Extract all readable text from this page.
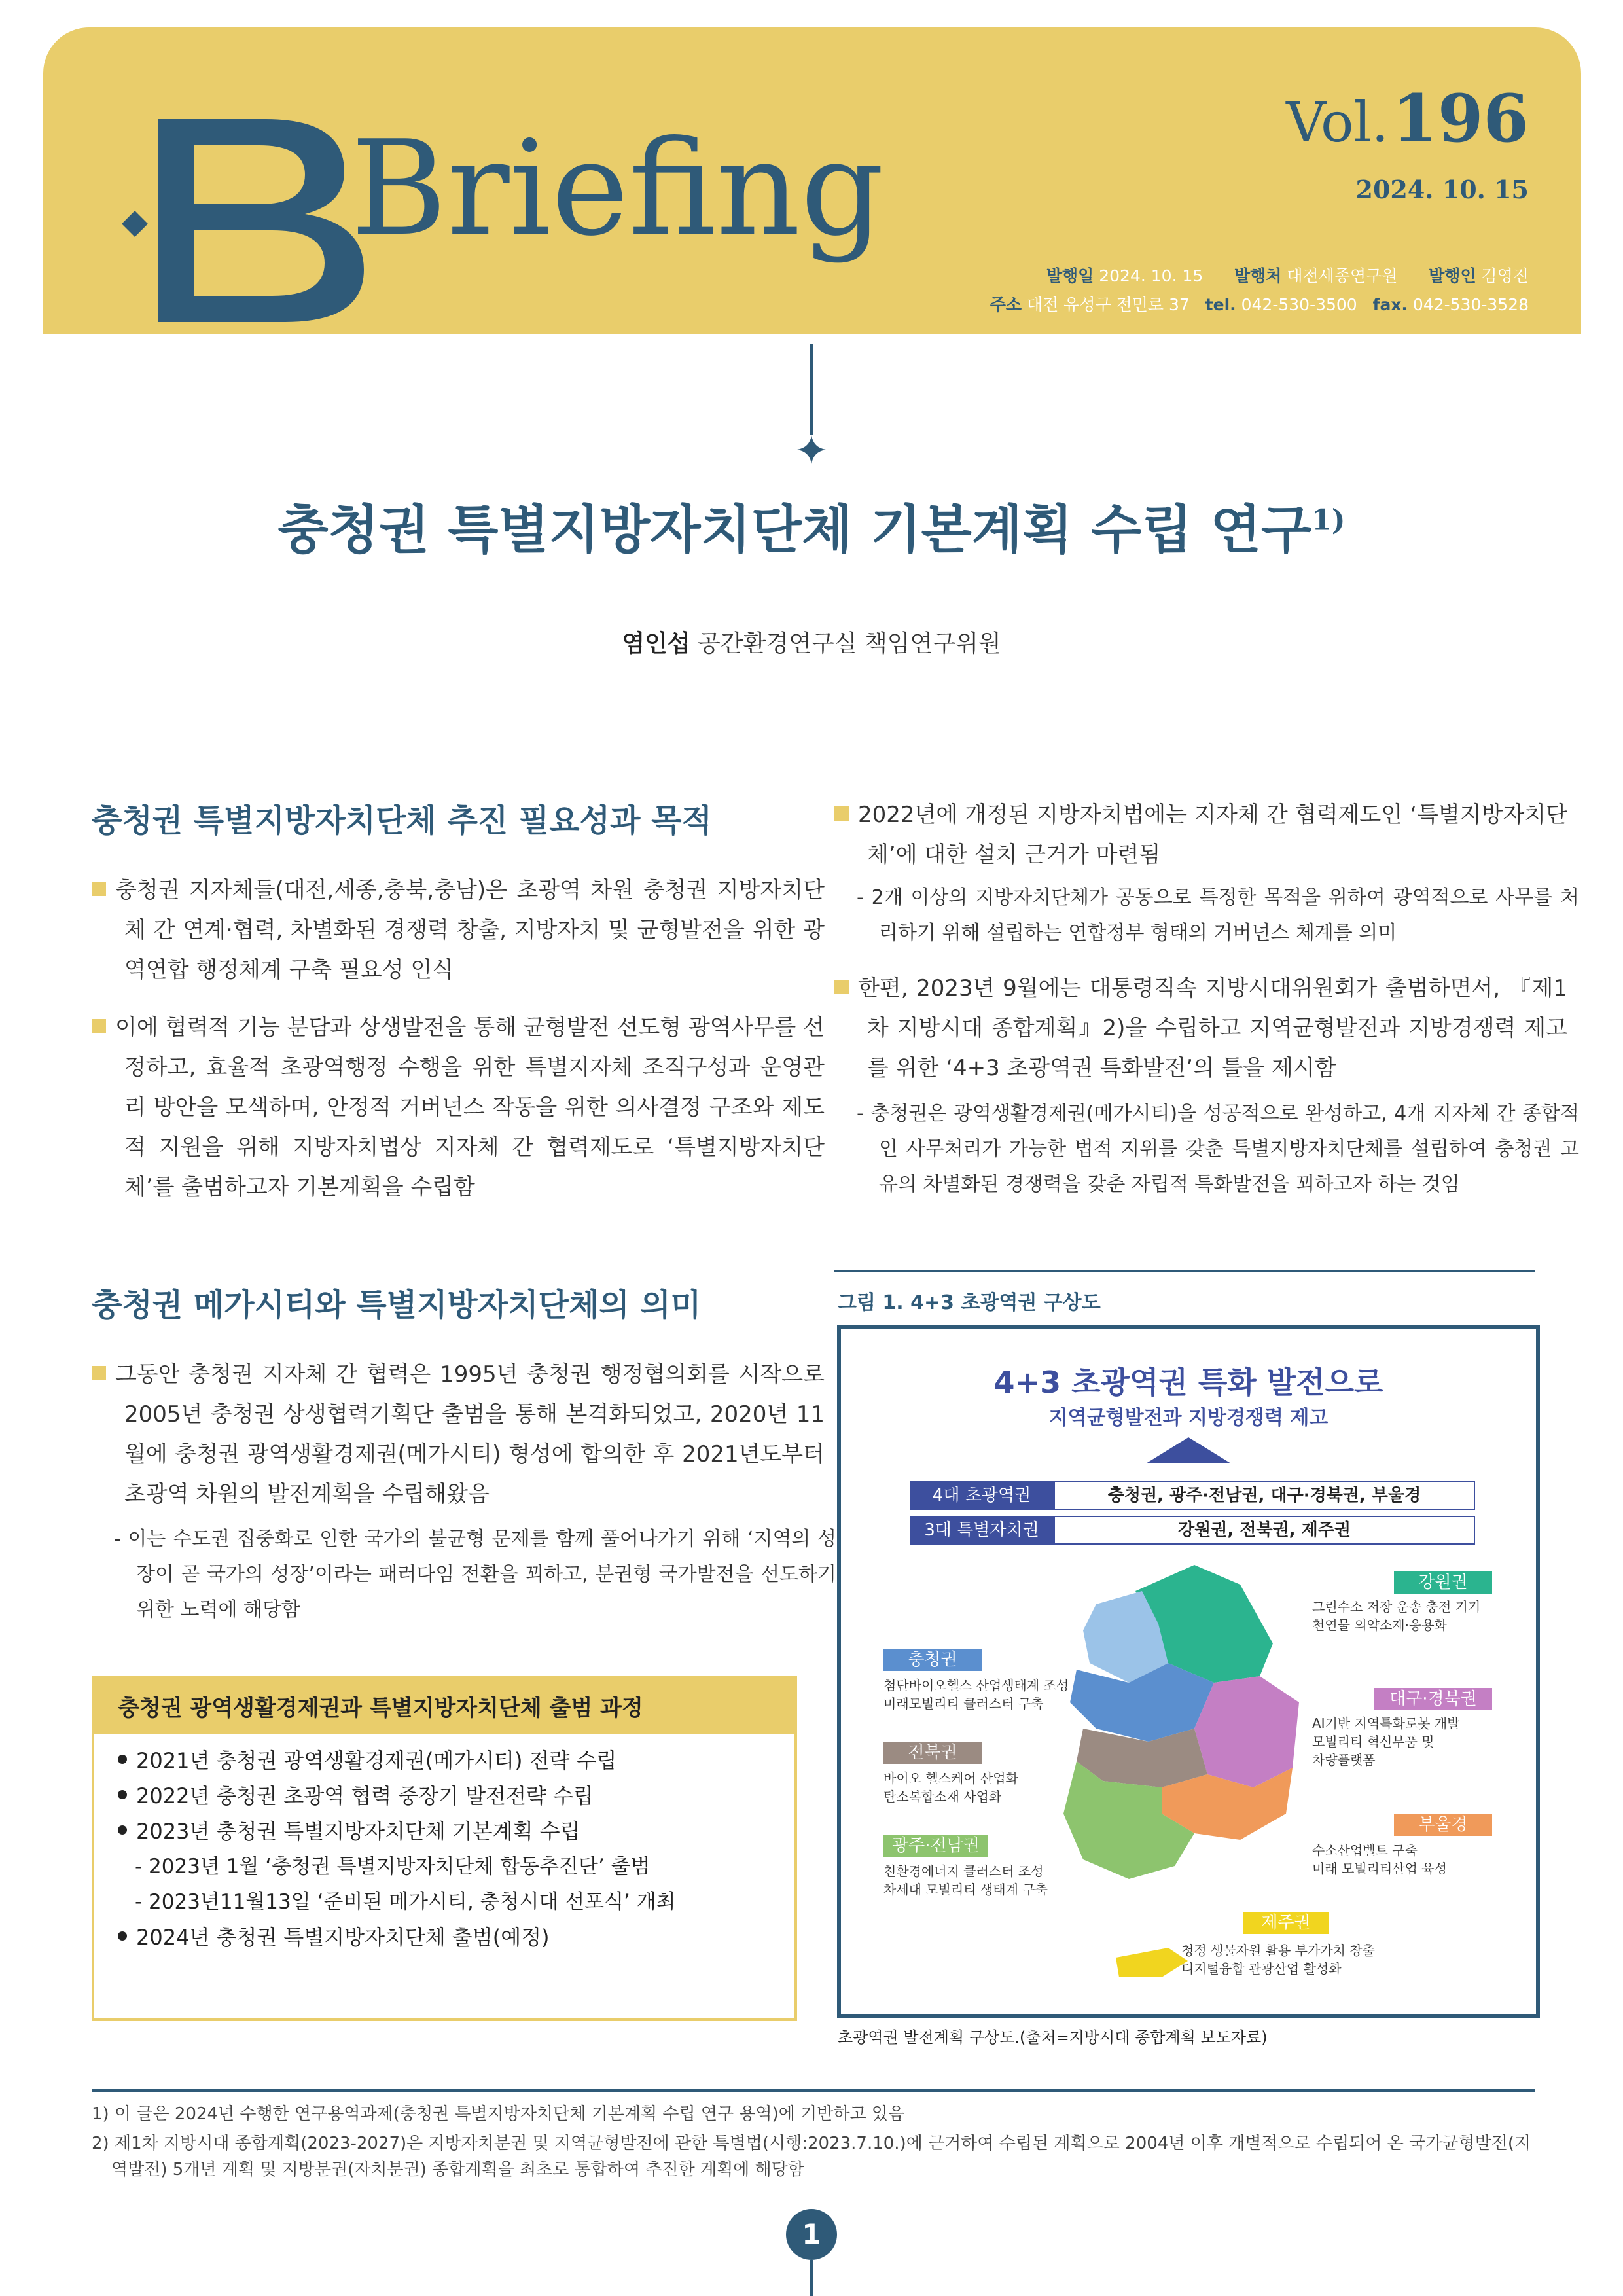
Briefing	Vol. 196
2024. 10. 15
발행일 2024. 10. 15 발행처 대전세종연구원 발행인 김영진
주소 대전 유성구 전민로 37 tel. 042-530-3500 fax. 042-530-3528
충청권 특별지방자치단체 기본계획 수립 연구$^{1)}$
염인섭 공간환경연구실 책임연구위원
충청권 특별지방자치단체 추진 필요성과 목적
충청권 지자체들(대전,세종,충북,충남)은 초광역 차원 충청권 지방자치단체 간 연계·협력, 차별화된 경쟁력 창출, 지방자치 및 균형발전을 위한 광역연합 행정체계 구축 필요성 인식
이에 협력적 기능 분담과 상생발전을 통해 균형발전 선도형 광역사무를 선정하고, 효율적 초광역행정 수행을 위한 특별지자체 조직구성과 운영관리 방안을 모색하며, 안정적 거버넌스 작동을 위한 의사결정 구조와 제도적 지원을 위해 지방자치법상 지자체 간 협력제도로 ‘특별지방자치단체’를 출범하고자 기본계획을 수립함
충청권 메가시티와 특별지방자치단체의 의미
그동안 충청권 지자체 간 협력은 1995년 충청권 행정협의회를 시작으로 2005년 충청권 상생협력기획단 출범을 통해 본격화되었고, 2020년 11월에 충청권 광역생활경제권(메가시티) 형성에 합의한 후 2021년도부터 초광역 차원의 발전계획을 수립해왔음
- 이는 수도권 집중화로 인한 국가의 불균형 문제를 함께 풀어나가기 위해 ‘지역의 성장이 곧 국가의 성장’이라는 패러다임 전환을 꾀하고, 분권형 국가발전을 선도하기 위한 노력에 해당함
충청권 광역생활경제권과 특별지방자치단체 출범 과정
2021년 충청권 광역생활경제권(메가시티) 전략 수립
2022년 충청권 초광역 협력 중장기 발전전략 수립
2023년 충청권 특별지방자치단체 기본계획 수립
- 2023년 1월 ‘충청권 특별지방자치단체 합동추진단’ 출범
- 2023년11월13일 ‘준비된 메가시티, 충청시대 선포식’ 개최
2024년 충청권 특별지방자치단체 출범(예정)
2022년에 개정된 지방자치법에는 지자체 간 협력제도인 ‘특별지방자치단체’에 대한 설치 근거가 마련됨
- 2개 이상의 지방자치단체가 공동으로 특정한 목적을 위하여 광역적으로 사무를 처리하기 위해 설립하는 연합정부 형태의 거버넌스 체계를 의미
한편, 2023년 9월에는 대통령직속 지방시대위원회가 출범하면서, 『제1차 지방시대 종합계획』2)을 수립하고 지역균형발전과 지방경쟁력 제고를 위한 ‘4+3 초광역권 특화발전’의 틀을 제시함
- 충청권은 광역생활경제권(메가시티)을 성공적으로 완성하고, 4개 지자체 간 종합적인 사무처리가 가능한 법적 지위를 갖춘 특별지방자치단체를 설립하여 충청권 고유의 차별화된 경쟁력을 갖춘 자립적 특화발전을 꾀하고자 하는 것임
그림 1. 4+3 초광역권 구상도
4+3 초광역권 특화 발전으로
지역균형발전과 지방경쟁력 제고
4대 초광역권	충청권, 광주·전남권, 대구·경북권, 부울경
3대 특별자치권	강원권, 전북권, 제주권
강원권
그린수소 저장 운송 충전 기기
천연물 의약소재·응용화
충청권
첨단바이오헬스 산업생태계 조성
미래모빌리티 클러스터 구축	대구·경북권
AI기반 지역특화로봇 개발
모빌리티 혁신부품 및
차량플랫폼
전북권
바이오 헬스케어 산업화
탄소복합소재 사업화
부울경
수소산업벨트 구축
미래 모빌리티산업 육성
광주·전남권
친환경에너지 클러스터 조성
차세대 모빌리티 생태계 구축
제주권
청정 생물자원 활용 부가가치 창출
디지털융합 관광산업 활성화
초광역권 발전계획 구상도.(출처=지방시대 종합계획 보도자료)
1) 이 글은 2024년 수행한 연구용역과제(충청권 특별지방자치단체 기본계획 수립 연구 용역)에 기반하고 있음
2) 제1차 지방시대 종합계획(2023-2027)은 지방자치분권 및 지역균형발전에 관한 특별법(시행:2023.7.10.)에 근거하여 수립된 계획으로 2004년 이후 개별적으로 수립되어 온 국가균형발전(지
역발전) 5개년 계획 및 지방분권(자치분권) 종합계획을 최초로 통합하여 추진한 계획에 해당함
1
